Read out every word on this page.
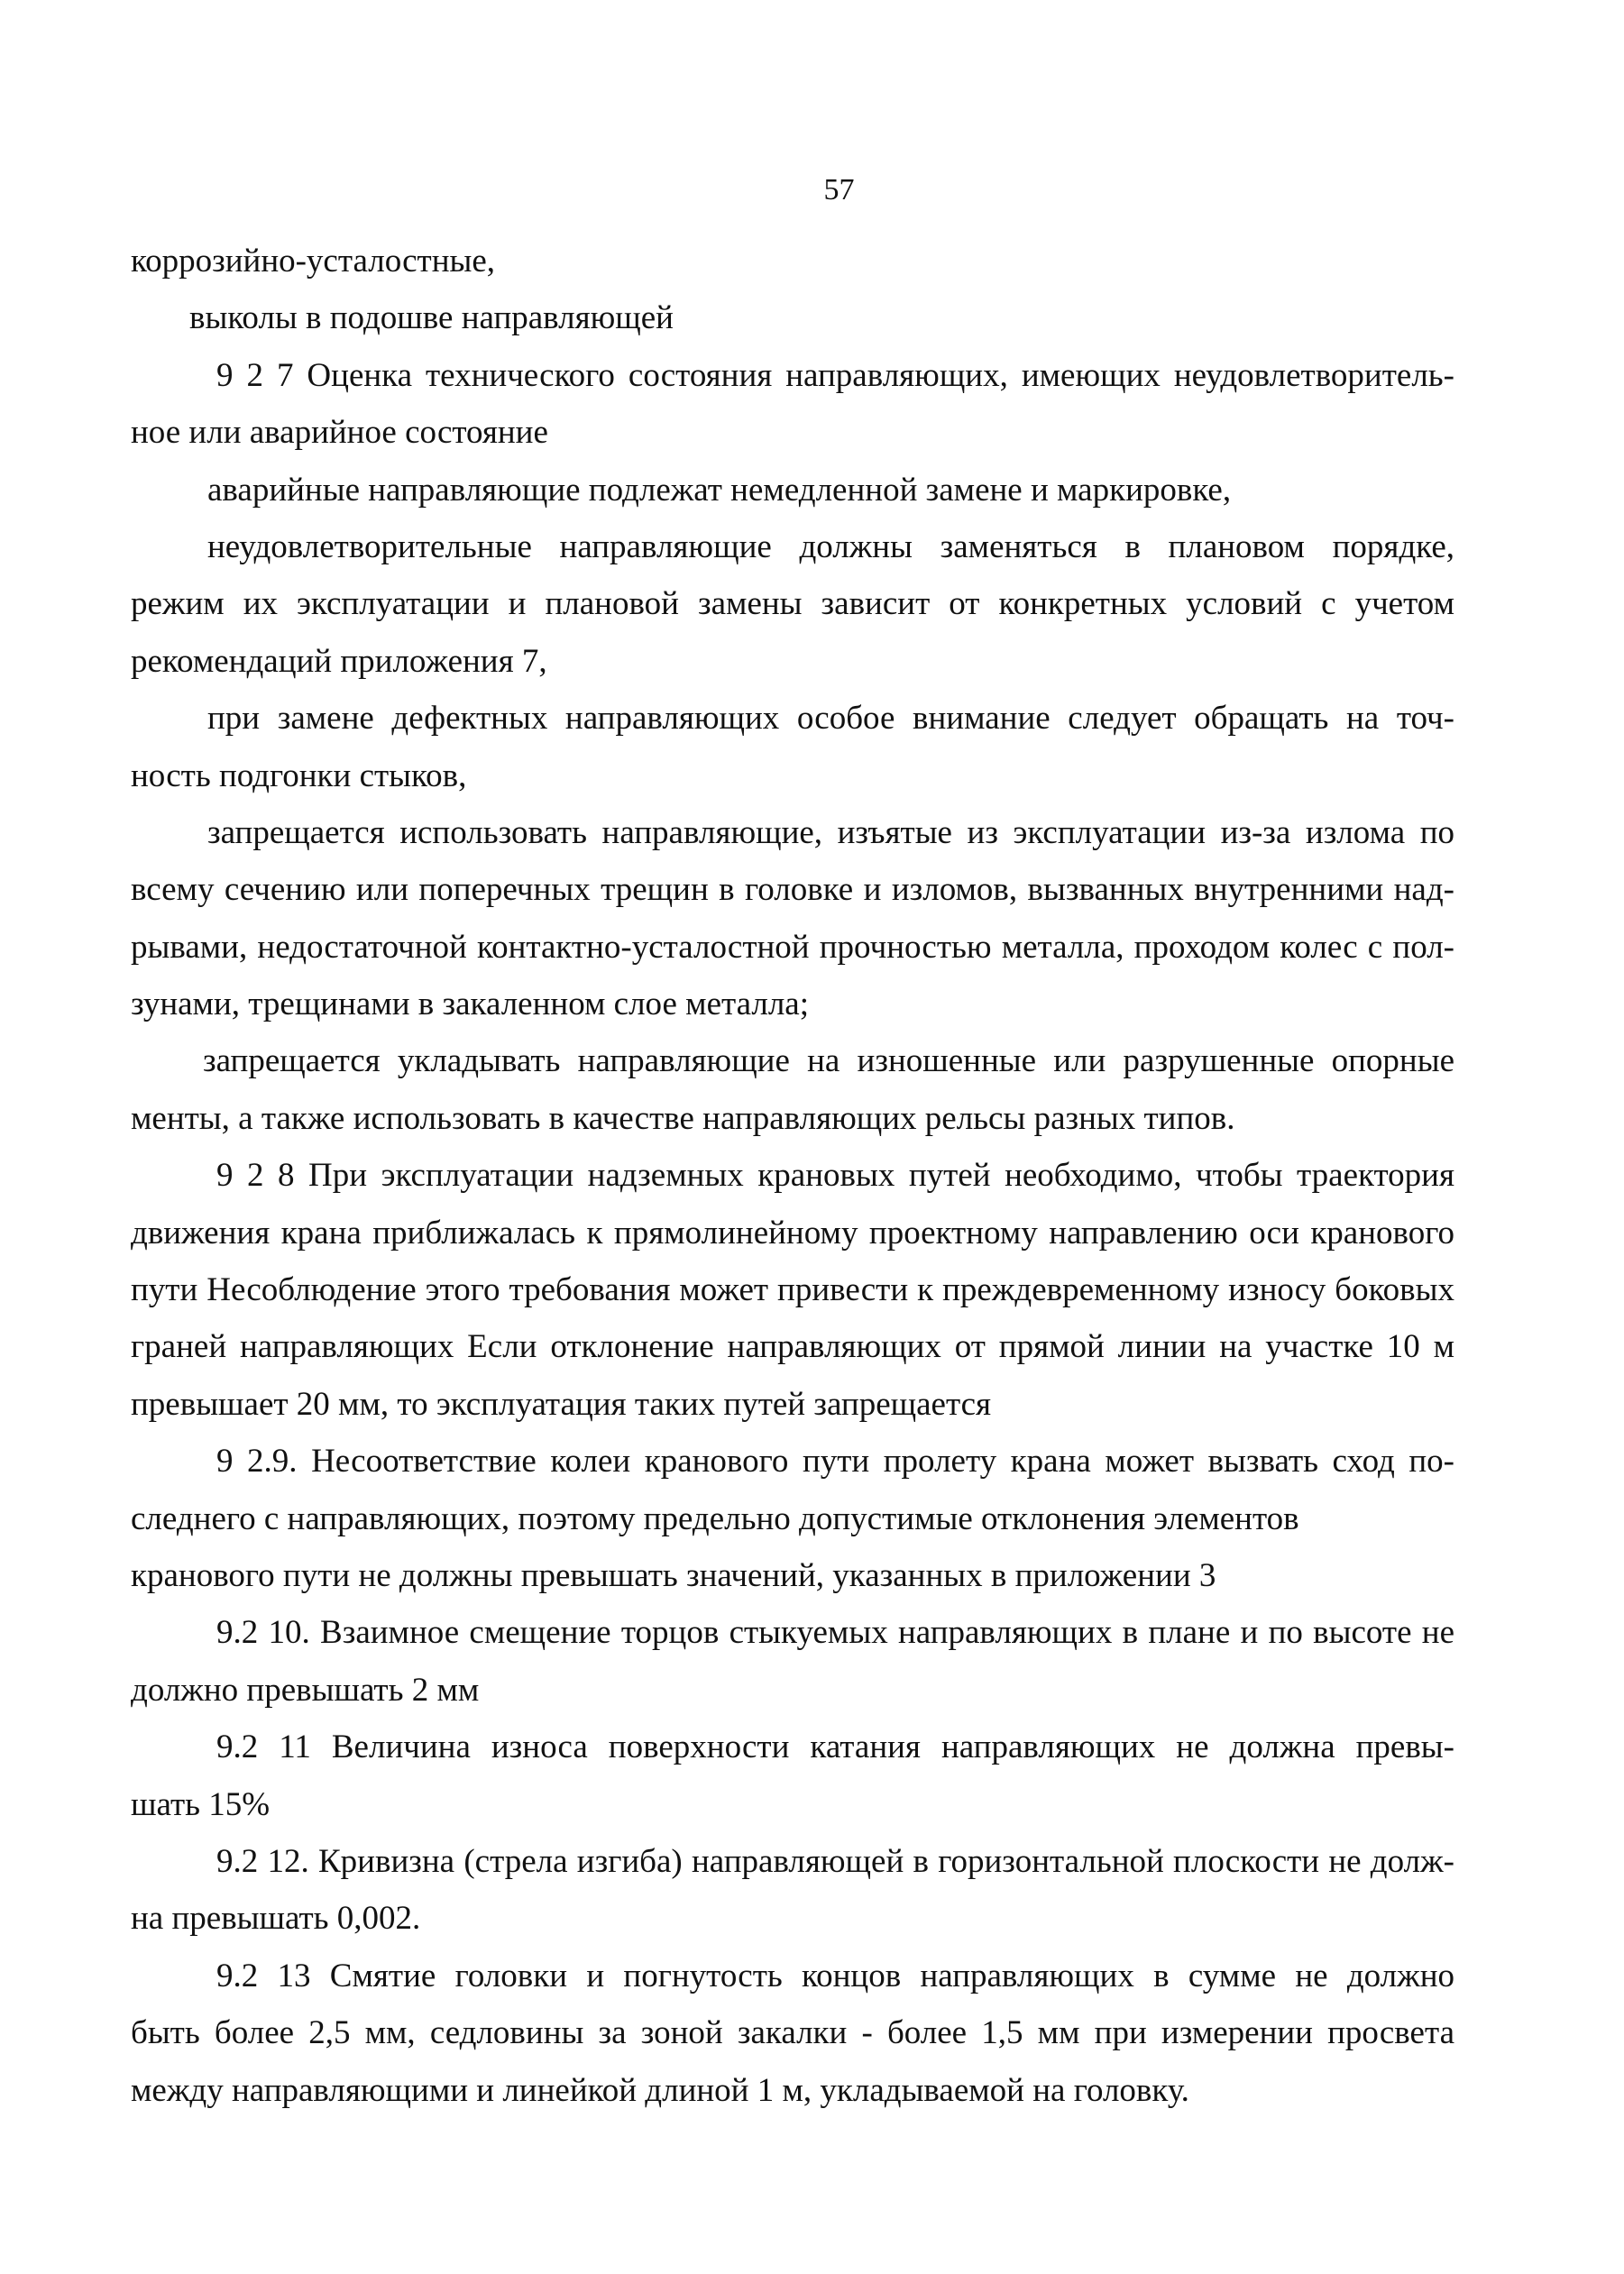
57
коррозийно-усталостные,
выколы в подошве направляющей
9 2 7 Оценка технического состояния направляющих, имеющих неудовлетворитель-
ное или аварийное состояние
аварийные направляющие подлежат немедленной замене и маркировке,
неудовлетворительные направляющие должны заменяться в плановом порядке,
режим их эксплуатации и плановой замены зависит от конкретных условий с учетом
рекомендаций приложения 7,
при замене дефектных направляющих особое внимание следует обращать на точ-
ность подгонки стыков,
запрещается использовать направляющие, изъятые из эксплуатации из-за излома по
всему сечению или поперечных трещин в головке и изломов, вызванных внутренними над-
рывами, недостаточной контактно-усталостной прочностью металла, проходом колес с пол-
зунами, трещинами в закаленном слое металла;
запрещается укладывать направляющие на изношенные или разрушенные опорные
менты, а также использовать в качестве направляющих рельсы разных типов.
9 2 8 При эксплуатации надземных крановых путей необходимо, чтобы траектория
движения крана приближалась к прямолинейному проектному направлению оси кранового
пути Несоблюдение этого требования может привести к преждевременному износу боковых
граней направляющих Если отклонение направляющих от прямой линии на участке 10 м
превышает 20 мм, то эксплуатация таких путей запрещается
9 2.9. Несоответствие колеи кранового пути пролету крана может вызвать сход по-
следнего с направляющих, поэтому предельно допустимые отклонения элементов
кранового пути не должны превышать значений, указанных в приложении 3
9.2 10. Взаимное смещение торцов стыкуемых направляющих в плане и по высоте не
должно превышать 2 мм
9.2 11 Величина износа поверхности катания направляющих не должна превы-
шать 15%
9.2 12. Кривизна (стрела изгиба) направляющей в горизонтальной плоскости не долж-
на превышать 0,002.
9.2 13 Смятие головки и погнутость концов направляющих в сумме не должно
быть более 2,5 мм, седловины за зоной закалки - более 1,5 мм при измерении просвета
между направляющими и линейкой длиной 1 м, укладываемой на головку.
